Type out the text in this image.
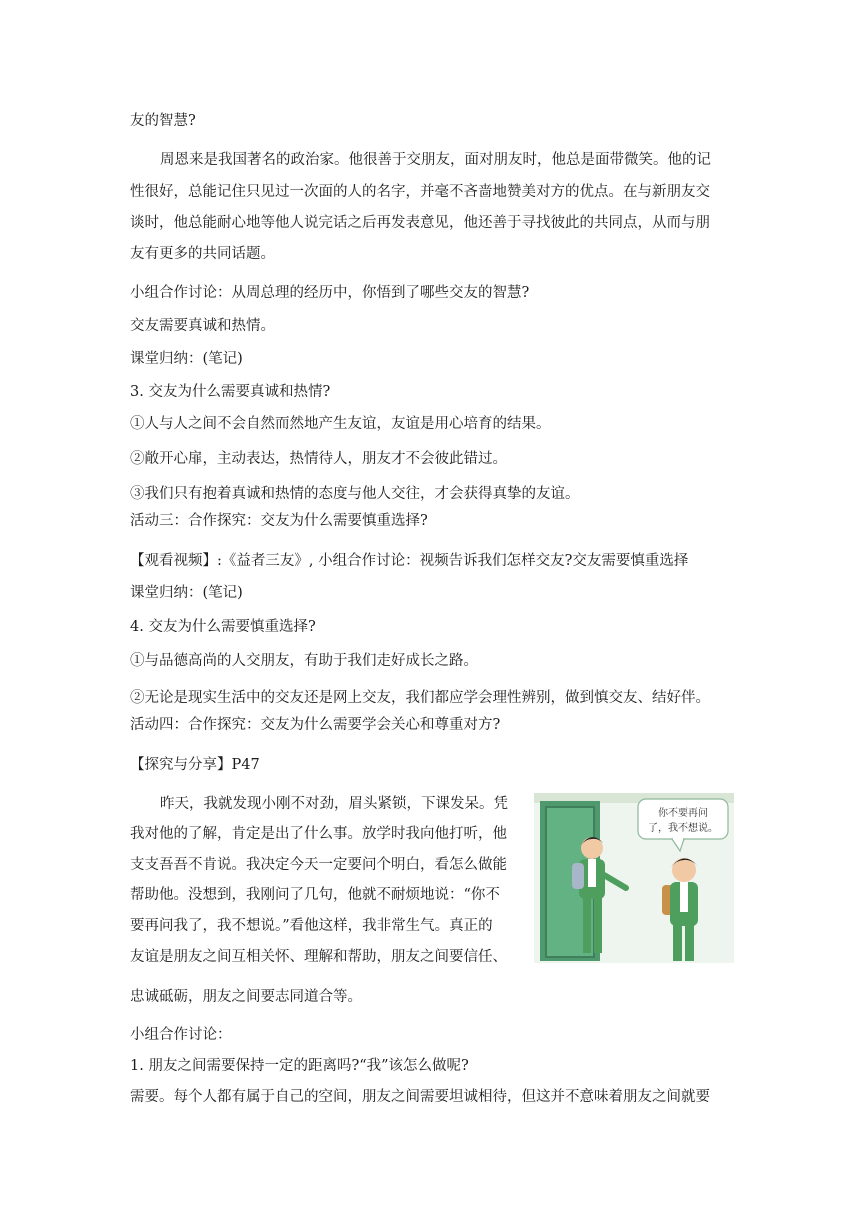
友的智慧?
周恩来是我国著名的政治家。他很善于交朋友，面对朋友时，他总是面带微笑。他的记
性很好，总能记住只见过一次面的人的名字，并毫不吝啬地赞美对方的优点。在与新朋友交
谈时，他总能耐心地等他人说完话之后再发表意见，他还善于寻找彼此的共同点，从而与朋
友有更多的共同话题。
小组合作讨论：从周总理的经历中，你悟到了哪些交友的智慧?
交友需要真诚和热情。
课堂归纳：(笔记)
3. 交友为什么需要真诚和热情?
①人与人之间不会自然而然地产生友谊，友谊是用心培育的结果。
②敞开心扉，主动表达，热情待人，朋友才不会彼此错过。
③我们只有抱着真诚和热情的态度与他人交往，才会获得真挚的友谊。
活动三：合作探究：交友为什么需要慎重选择?
【观看视频】:《益者三友》, 小组合作讨论：视频告诉我们怎样交友?交友需要慎重选择
课堂归纳：(笔记)
4. 交友为什么需要慎重选择?
①与品德高尚的人交朋友，有助于我们走好成长之路。
②无论是现实生活中的交友还是网上交友，我们都应学会理性辨别，做到慎交友、结好伴。
活动四：合作探究：交友为什么需要学会关心和尊重对方?
【探究与分享】P47
昨天，我就发现小刚不对劲，眉头紧锁，下课发呆。凭
我对他的了解，肯定是出了什么事。放学时我向他打听，他
支支吾吾不肯说。我决定今天一定要问个明白，看怎么做能
帮助他。没想到，我刚问了几句，他就不耐烦地说：“你不
要再问我了，我不想说。”看他这样，我非常生气。真正的
友谊是朋友之间互相关怀、理解和帮助，朋友之间要信任、
忠诚砥砺，朋友之间要志同道合等。
小组合作讨论：
1. 朋友之间需要保持一定的距离吗?“我”该怎么做呢?
需要。每个人都有属于自己的空间，朋友之间需要坦诚相待，但这并不意味着朋友之间就要
你不要再问
了，我不想说。
